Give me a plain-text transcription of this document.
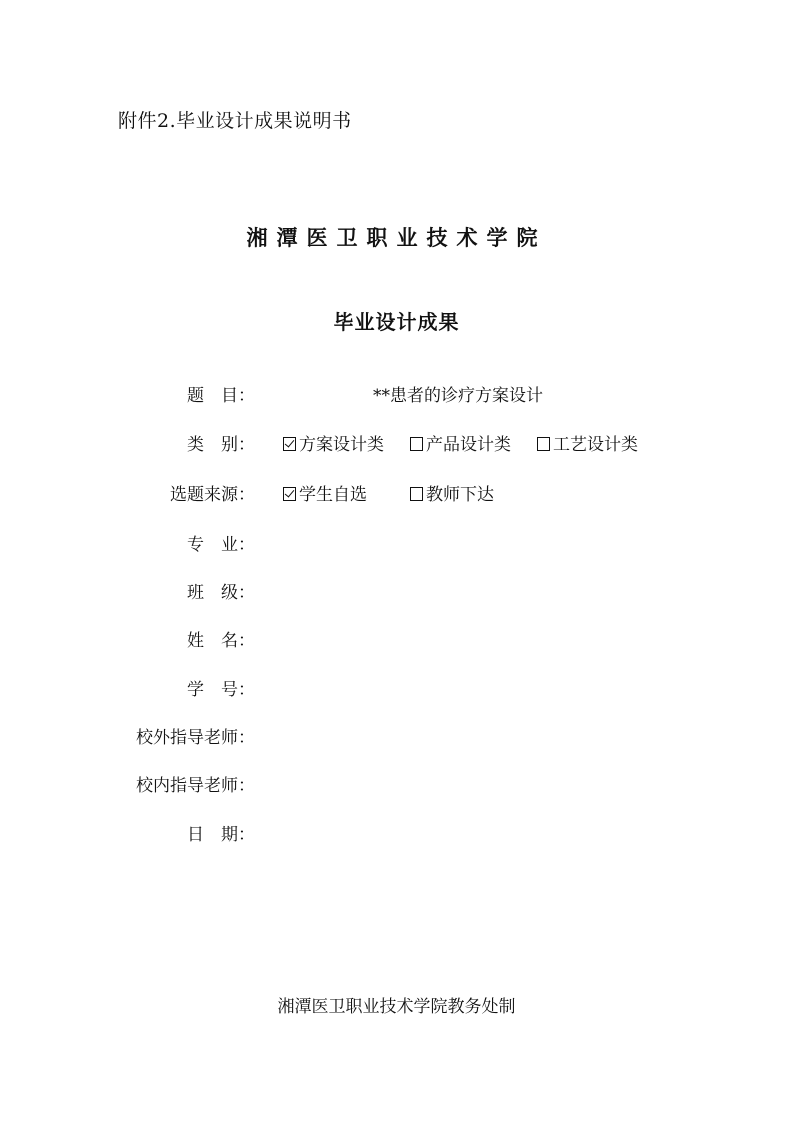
附件2.毕业设计成果说明书
湘潭医卫职业技术学院
毕业设计成果
题　目：	**患者的诊疗方案设计
类　别：	方案设计类	产品设计类	工艺设计类
选题来源：	学生自选	教师下达
专　业：
班　级：
姓　名：
学　号：
校外指导老师：
校内指导老师：
日　期：
湘潭医卫职业技术学院教务处制
